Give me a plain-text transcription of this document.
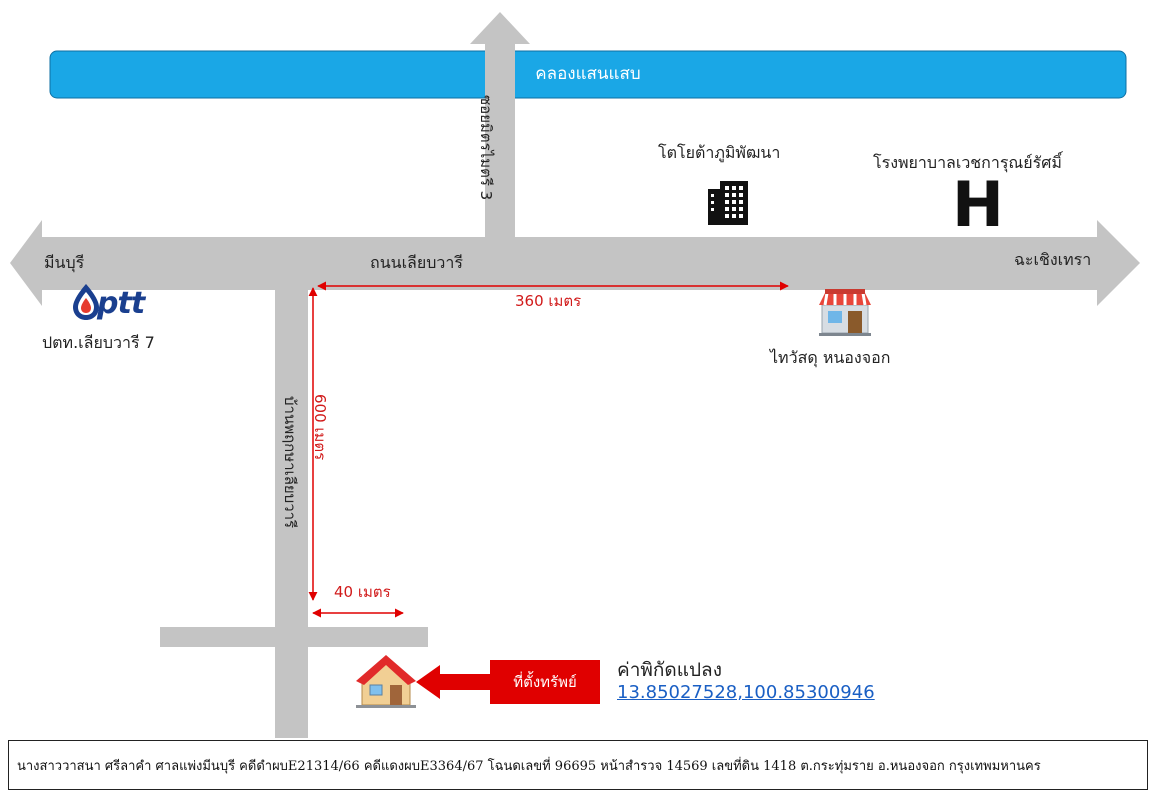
คลองแสนแสบ
ซอยมิตรไมตรี 3
ถนนเลียบวารี
มีนบุรี	ฉะเชิงเทรา
บ้านพฤกษาเลียบวารี
ptt
ปตท.เลียบวารี 7
โตโยต้าภูมิพัฒนา
โรงพยาบาลเวชการุณย์รัศมิ์
H
ไทวัสดุ หนองจอก
360 เมตร
600 เมตร
40 เมตร
ที่ตั้งทรัพย์
ค่าพิกัดแปลง
13.85027528,100.85300946
นางสาววาสนา ศรีลาคำ ศาลแพ่งมีนบุรี คดีดำผบE21314/66 คดีแดงผบE3364/67 โฉนดเลขที่ 96695 หน้าสำรวจ 14569 เลขที่ดิน 1418 ต.กระทุ่มราย อ.หนองจอก กรุงเทพมหานคร
